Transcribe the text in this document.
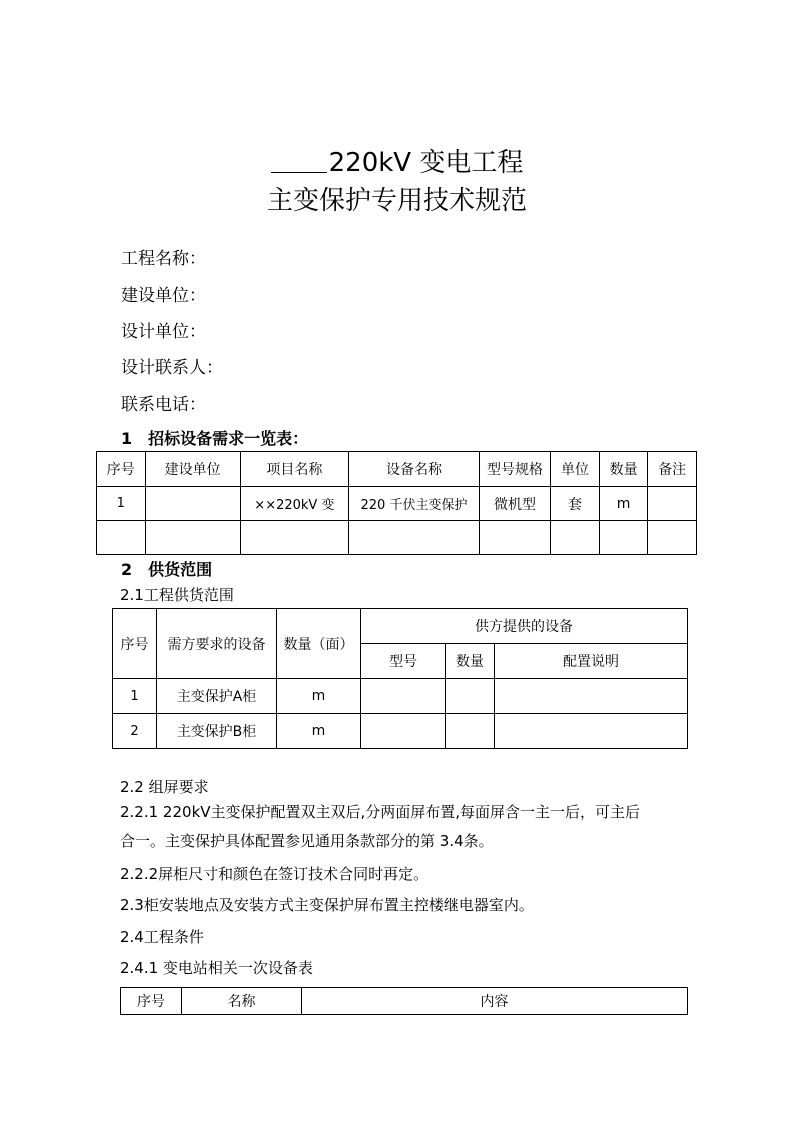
220kV 变电工程
主变保护专用技术规范
工程名称：
建设单位：
设计单位：
设计联系人：
联系电话：
1　招标设备需求一览表：
序号	建设单位	项目名称	设备名称	型号规格	单位	数量	备注
1		××220kV 变	220 千伏主变保护	微机型	套	m	

2　供货范围
2.1工程供货范围
序号	需方要求的设备	数量（面）	供方提供的设备		
			型号	数量	配置说明
1	主变保护A柜	m			
2	主变保护B柜	m			
2.2 组屏要求
2.2.1 220kV主变保护配置双主双后,分两面屏布置,每面屏含一主一后，可主后
合一。主变保护具体配置参见通用条款部分的第 3.4条。
2.2.2屏柜尺寸和颜色在签订技术合同时再定。
2.3柜安装地点及安装方式主变保护屏布置主控楼继电器室内。
2.4工程条件
2.4.1 变电站相关一次设备表
序号	名称	内容
